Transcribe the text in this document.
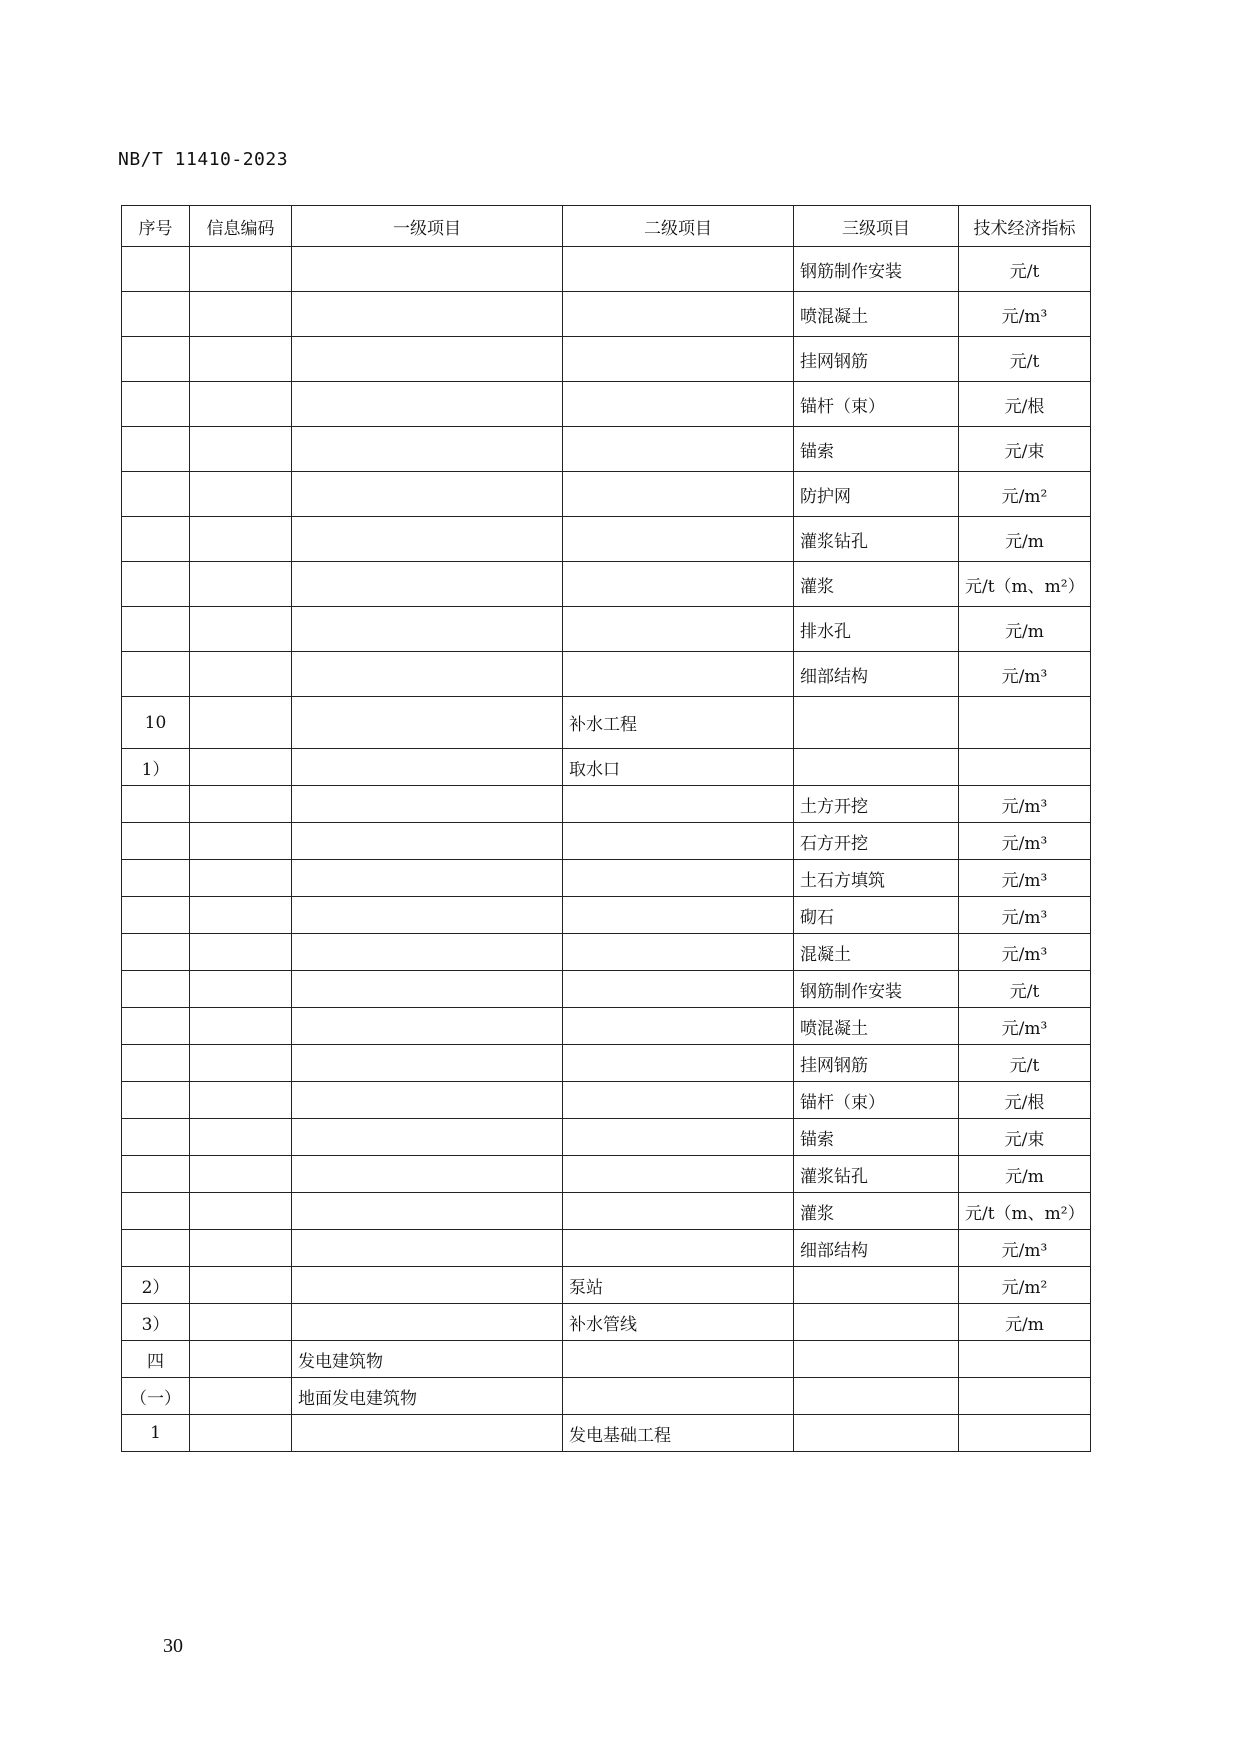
NB/T 11410-2023
序号	信息编码	一级项目	二级项目	三级项目	技术经济指标
				钢筋制作安装	元/t
				喷混凝土	元/m³
				挂网钢筋	元/t
				锚杆（束）	元/根
				锚索	元/束
				防护网	元/m²
				灌浆钻孔	元/m
				灌浆	元/t（m、m²）
				排水孔	元/m
				细部结构	元/m³
10			补水工程		
1）			取水口		
				土方开挖	元/m³
				石方开挖	元/m³
				土石方填筑	元/m³
				砌石	元/m³
				混凝土	元/m³
				钢筋制作安装	元/t
				喷混凝土	元/m³
				挂网钢筋	元/t
				锚杆（束）	元/根
				锚索	元/束
				灌浆钻孔	元/m
				灌浆	元/t（m、m²）
				细部结构	元/m³
2）			泵站		元/m²
3）			补水管线		元/m
四		发电建筑物			
（一）		地面发电建筑物			
1			发电基础工程		
30
